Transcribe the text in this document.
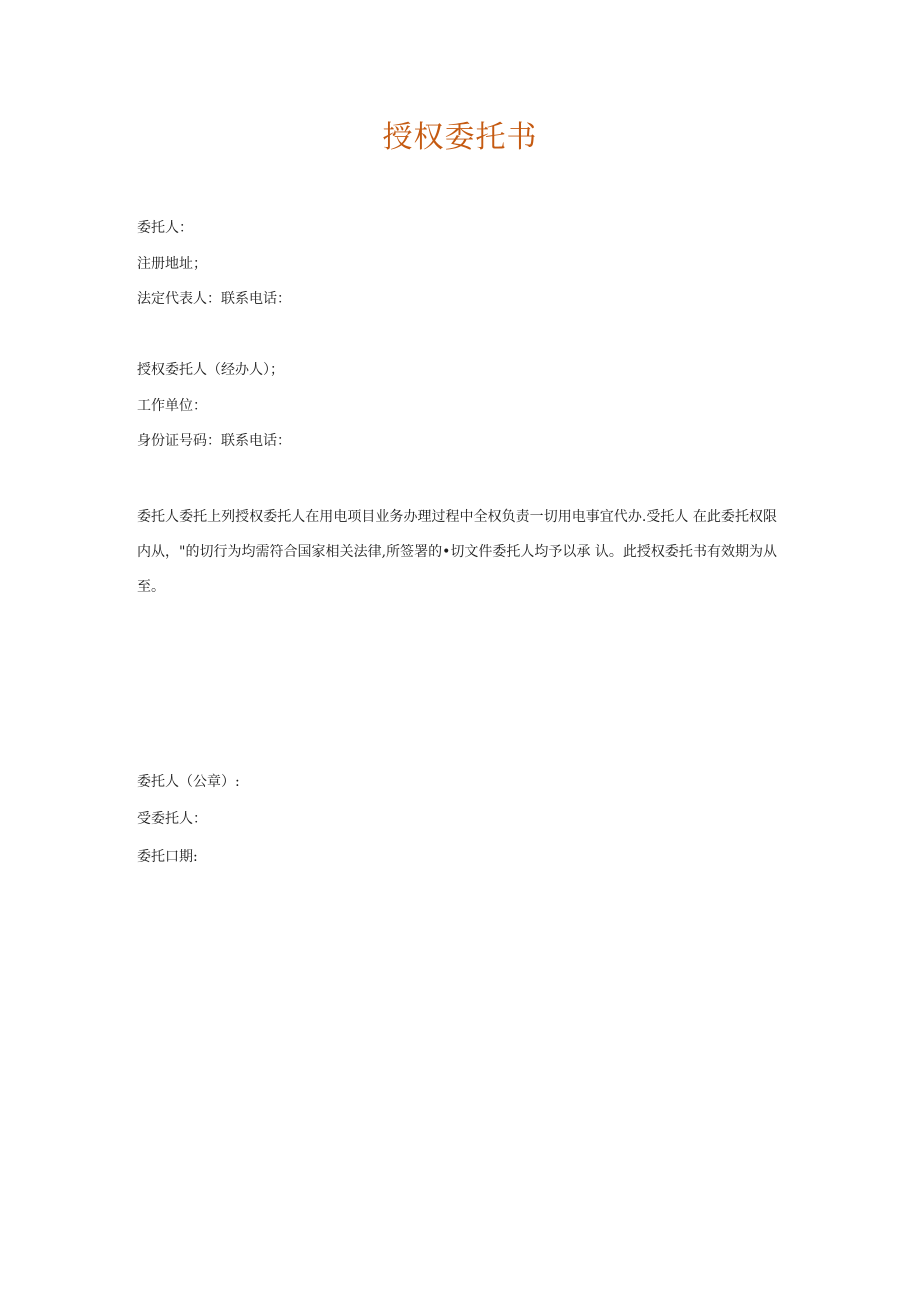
授权委托书
委托人：
注册地址；
法定代表人：联系电话：
授权委托人（经办人）；
工作单位：
身份证号码：联系电话：
委托人委托上列授权委托人在用电项目业务办理过程中全权负责一切用电事宜代办.受托人 在此委托权限内从，"的切行为均需符合国家相关法律,所签署的•切文件委托人均予以承 认。此授权委托书有效期为从至。
委托人（公章）:
受委托人：
委托口期:
